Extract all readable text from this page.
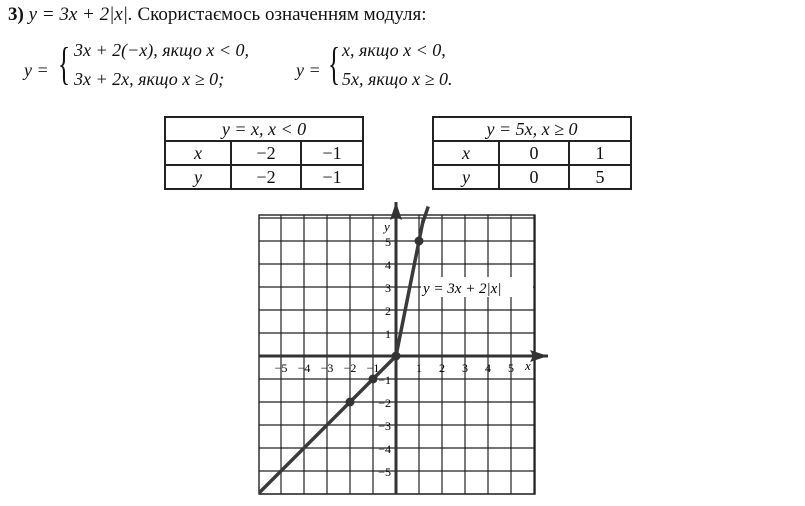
3) y = 3x + 2|x|. Скористаємось означенням модуля:
y = { 3x + 2(−x), якщо x < 0,
3x + 2x, якщо x ≥ 0;	y = { x, якщо x < 0,
5x, якщо x ≥ 0.
y = x, x < 0		
x	−2	−1
y	−2	−1
y = 5x, x ≥ 0		
x	0	1
y	0	5
x
y
−5 −4 −3 −2 −1	1 2 3 4 5
5
4
3
2
1
−1
−2
−3
−4
−5
y = 3x + 2|x|
